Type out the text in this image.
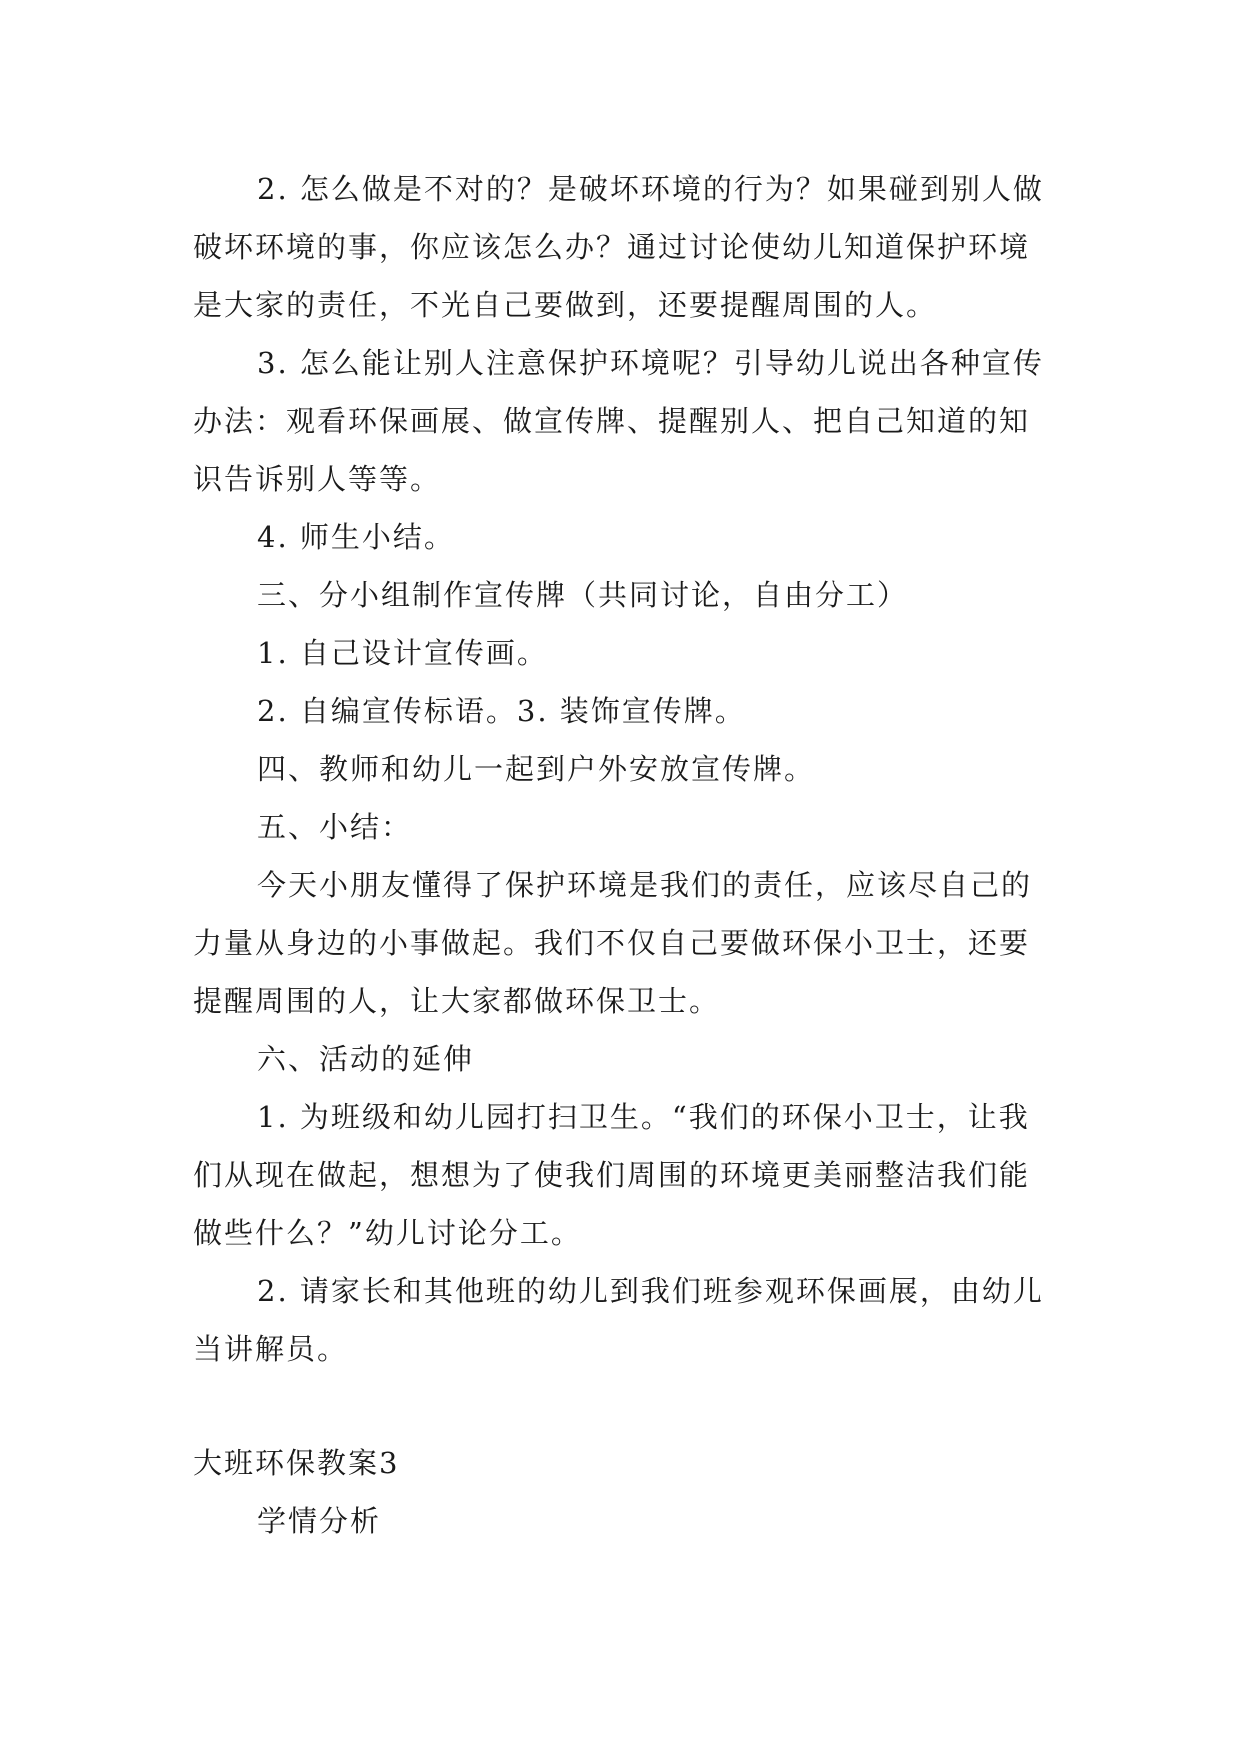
2. 怎么做是不对的？是破坏环境的行为？如果碰到别人做破坏环境的事，你应该怎么办？通过讨论使幼儿知道保护环境是大家的责任，不光自己要做到，还要提醒周围的人。

3. 怎么能让别人注意保护环境呢？引导幼儿说出各种宣传办法：观看环保画展、做宣传牌、提醒别人、把自己知道的知识告诉别人等等。

4. 师生小结。

三、分小组制作宣传牌（共同讨论，自由分工）

1. 自己设计宣传画。

2. 自编宣传标语。3. 装饰宣传牌。

四、教师和幼儿一起到户外安放宣传牌。

五、小结：

今天小朋友懂得了保护环境是我们的责任，应该尽自己的力量从身边的小事做起。我们不仅自己要做环保小卫士，还要提醒周围的人，让大家都做环保卫士。

六、活动的延伸

1. 为班级和幼儿园打扫卫生。“我们的环保小卫士，让我们从现在做起，想想为了使我们周围的环境更美丽整洁我们能做些什么？”幼儿讨论分工。

2. 请家长和其他班的幼儿到我们班参观环保画展，由幼儿当讲解员。

大班环保教案3

学情分析
